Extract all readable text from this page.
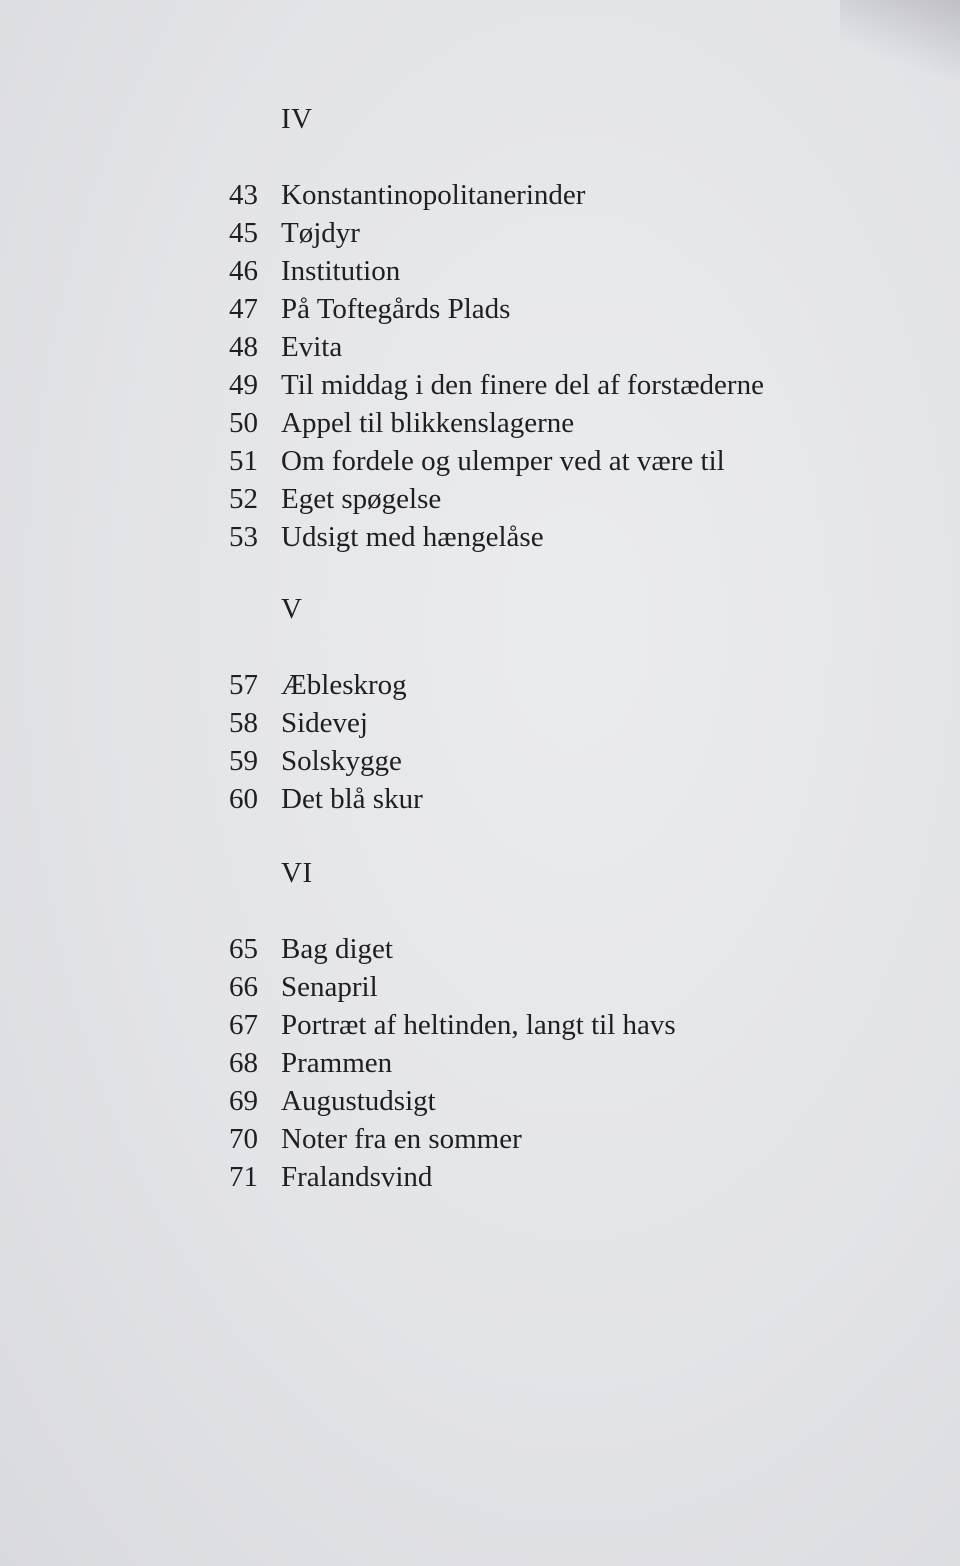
IV
43 Konstantinopolitanerinder
45 Tøjdyr
46 Institution
47 På Toftegårds Plads
48 Evita
49 Til middag i den finere del af forstæderne
50 Appel til blikkenslagerne
51 Om fordele og ulemper ved at være til
52 Eget spøgelse
53 Udsigt med hængelåse
V
57 Æbleskrog
58 Sidevej
59 Solskygge
60 Det blå skur
VI
65 Bag diget
66 Senapril
67 Portræt af heltinden, langt til havs
68 Prammen
69 Augustudsigt
70 Noter fra en sommer
71 Fralandsvind
